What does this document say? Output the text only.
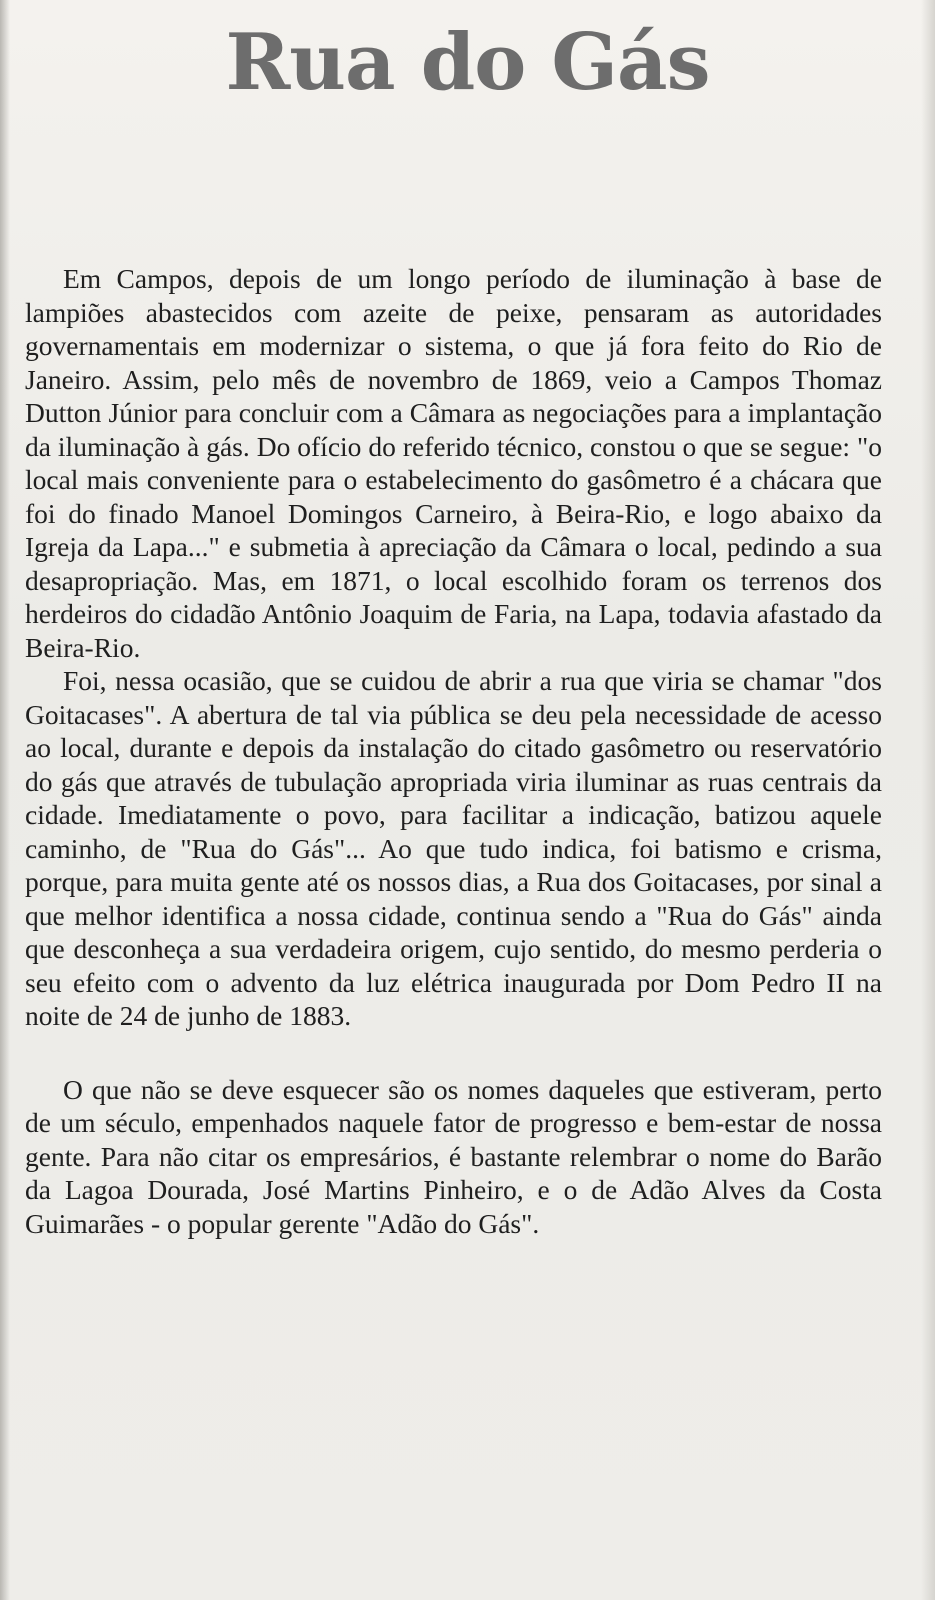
Rua do Gás

Em Campos, depois de um longo período de iluminação à base de lampiões abastecidos com azeite de peixe, pensaram as autoridades governamentais em modernizar o sistema, o que já fora feito do Rio de Janeiro. Assim, pelo mês de novembro de 1869, veio a Campos Thomaz Dutton Júnior para concluir com a Câmara as negociações para a implantação da iluminação à gás. Do ofício do referido técnico, constou o que se segue: "o local mais conveniente para o estabelecimento do gasômetro é a chácara que foi do finado Manoel Domingos Carneiro, à Beira-Rio, e logo abaixo da Igreja da Lapa..." e submetia à apreciação da Câmara o local, pedindo a sua desapropriação. Mas, em 1871, o local escolhido foram os terrenos dos herdeiros do cidadão Antônio Joaquim de Faria, na Lapa, todavia afastado da Beira-Rio.

Foi, nessa ocasião, que se cuidou de abrir a rua que viria se chamar "dos Goitacases". A abertura de tal via pública se deu pela necessidade de acesso ao local, durante e depois da instalação do citado gasômetro ou reservatório do gás que através de tubulação apropriada viria iluminar as ruas centrais da cidade. Imediatamente o povo, para facilitar a indicação, batizou aquele caminho, de "Rua do Gás"... Ao que tudo indica, foi batismo e crisma, porque, para muita gente até os nossos dias, a Rua dos Goitacases, por sinal a que melhor identifica a nossa cidade, continua sendo a "Rua do Gás" ainda que desconheça a sua verdadeira origem, cujo sentido, do mesmo perderia o seu efeito com o advento da luz elétrica inaugurada por Dom Pedro II na noite de 24 de junho de 1883.

O que não se deve esquecer são os nomes daqueles que estiveram, perto de um século, empenhados naquele fator de progresso e bem-estar de nossa gente. Para não citar os empresários, é bastante relembrar o nome do Barão da Lagoa Dourada, José Martins Pinheiro, e o de Adão Alves da Costa Guimarães - o popular gerente "Adão do Gás".
